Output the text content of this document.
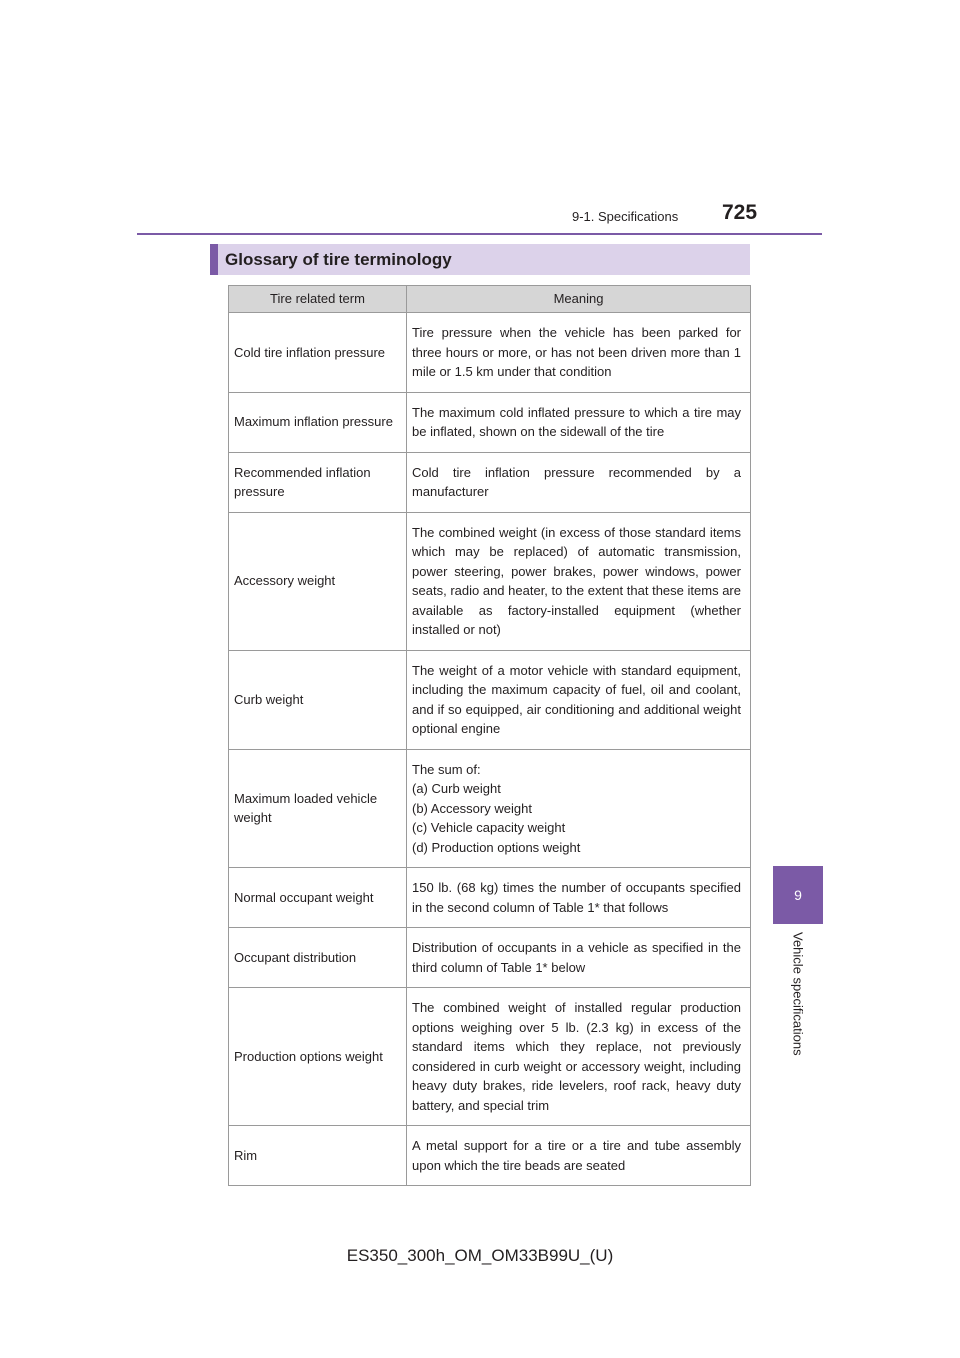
9-1. Specifications 725
9
Vehicle specifications
Glossary of tire terminology
Tire related term	Meaning
Cold tire inflation pressure	Tire pressure when the vehicle has been parked for three hours or more, or has not been driven more than 1 mile or 1.5 km under that condition
Maximum inflation pressure	The maximum cold inflated pressure to which a tire may be inflated, shown on the sidewall of the tire
Recommended inflation pressure	Cold tire inflation pressure recommended by a manufacturer
Accessory weight	The combined weight (in excess of those standard items which may be replaced) of automatic transmission, power steering, power brakes, power windows, power seats, radio and heater, to the extent that these items are available as factory-installed equipment (whether installed or not)
Curb weight	The weight of a motor vehicle with standard equipment, including the maximum capacity of fuel, oil and coolant, and if so equipped, air conditioning and additional weight optional engine
Maximum loaded vehicle weight	The sum of:
(a) Curb weight
(b) Accessory weight
(c) Vehicle capacity weight
(d) Production options weight

Normal occupant weight	150 lb. (68 kg) times the number of occupants specified in the second column of Table 1* that follows
Occupant distribution	Distribution of occupants in a vehicle as specified in the third column of Table 1* below
Production options weight	The combined weight of installed regular production options weighing over 5 lb. (2.3 kg) in excess of the standard items which they replace, not previously considered in curb weight or accessory weight, including heavy duty brakes, ride levelers, roof rack, heavy duty battery, and special trim
Rim	A metal support for a tire or a tire and tube assembly upon which the tire beads are seated
ES350_300h_OM_OM33B99U_(U)
